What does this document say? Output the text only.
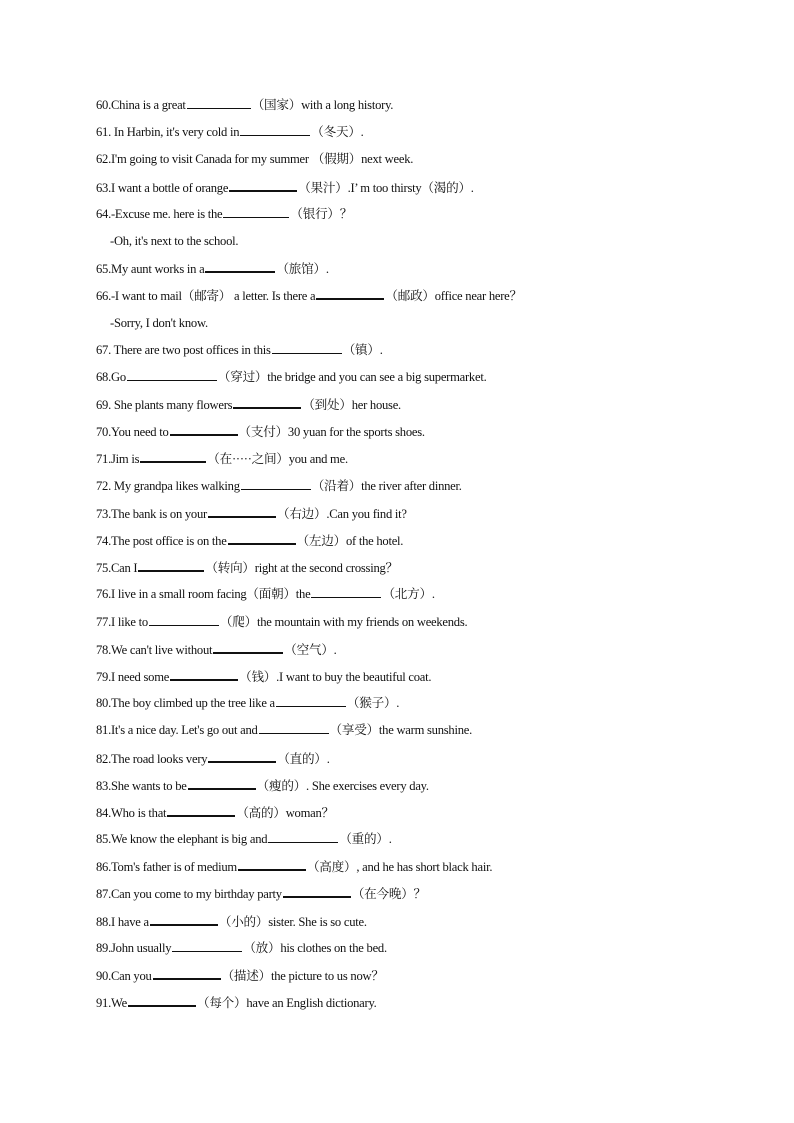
60.China is a great	（国家）with a long history.
61. In Harbin, it's very cold in	（冬天）.
62.I'm going to visit Canada for my summer （假期）next week.
63.I want a bottle of orange	（果汁）.I’ m too thirsty（渴的）.
64.-Excuse me. here is the	（银行）？
-Oh, it's next to the school.
65.My aunt works in a	（旅馆）.
66.-I want to mail（邮寄） a letter. Is there a	（邮政）office near here？
-Sorry, I don't know.
67. There are two post offices in this	（镇）.
68.Go	（穿过）the bridge and you can see a big supermarket.
69. She plants many flowers	（到处）her house.
70.You need to	（支付）30 yuan for the sports shoes.
71.Jim is	（在·····之间）you and me.
72. My grandpa likes walking	（沿着）the river after dinner.
73.The bank is on your	（右边）.Can you find it?
74.The post office is on the	（左边）of the hotel.
75.Can I	（转向）right at the second crossing？
76.I live in a small room facing（面朝）the	（北方）.
77.I like to	（爬）the mountain with my friends on weekends.
78.We can't live without	（空气）.
79.I need some	（钱）.I want to buy the beautiful coat.
80.The boy climbed up the tree like a	（猴子）.
81.It's a nice day. Let's go out and	（享受）the warm sunshine.
82.The road looks very	（直的）.
83.She wants to be	（瘦的）. She exercises every day.
84.Who is that	（高的）woman？
85.We know the elephant is big and	（重的）.
86.Tom's father is of medium	（高度）, and he has short black hair.
87.Can you come to my birthday party	（在今晚）？
88.I have a	（小的）sister. She is so cute.
89.John usually	（放）his clothes on the bed.
90.Can you	（描述）the picture to us now？
91.We	（每个）have an English dictionary.
